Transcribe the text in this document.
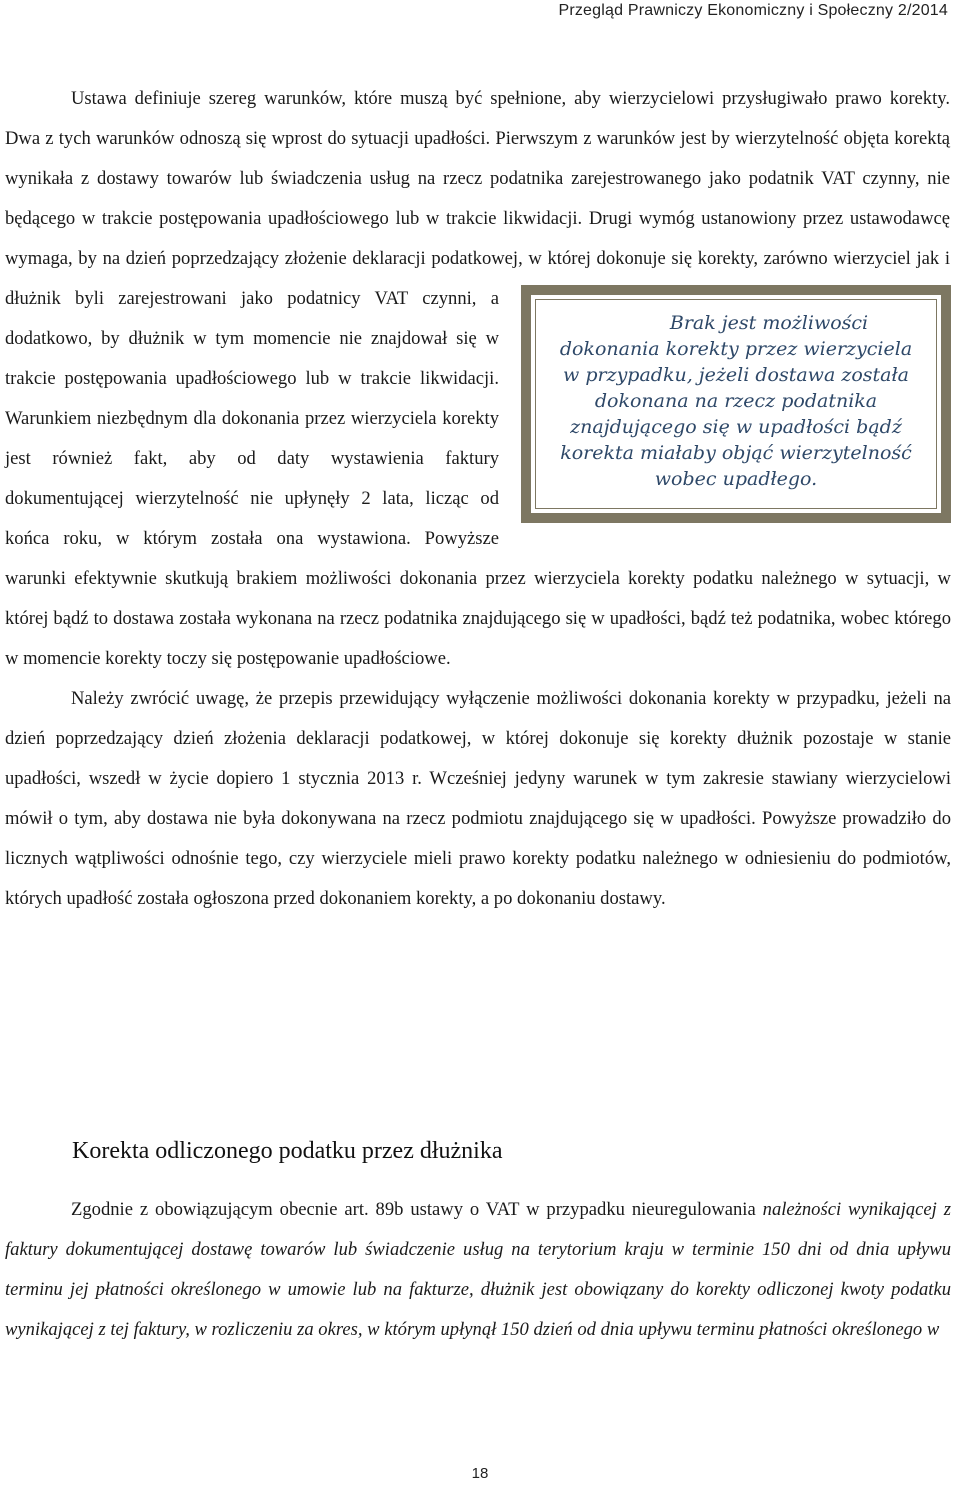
Przegląd Prawniczy Ekonomiczny i Społeczny 2/2014

Brak jest możliwości dokonania korekty przez wierzyciela w przypadku, jeżeli dostawa została dokonana na rzecz podatnika znajdującego się w upadłości bądź korekta miałaby objąć wierzytelność wobec upadłego.
Ustawa definiuje szereg warunków, które muszą być spełnione, aby wierzycielowi przysługiwało prawo korekty. Dwa z tych warunków odnoszą się wprost do sytuacji upadłości. Pierwszym z warunków jest by wierzytelność objęta korektą wynikała z dostawy towarów lub świadczenia usług na rzecz podatnika zarejestrowanego jako podatnik VAT czynny, nie będącego w trakcie postępowania upadłościowego lub w trakcie likwidacji. Drugi wymóg ustanowiony przez ustawodawcę wymaga, by na dzień poprzedzający złożenie deklaracji podatkowej, w której dokonuje się korekty, zarówno wierzyciel jak i dłużnik byli zarejestrowani jako podatnicy VAT czynni, a dodatkowo, by dłużnik w tym momencie nie znajdował się w trakcie postępowania upadłościowego lub w trakcie likwidacji. Warunkiem niezbędnym dla dokonania przez wierzyciela korekty jest również fakt, aby od daty wystawienia faktury dokumentującej wierzytelność nie upłynęły 2 lata, licząc od końca roku, w którym została ona wystawiona. Powyższe warunki efektywnie skutkują brakiem możliwości dokonania przez wierzyciela korekty podatku należnego w sytuacji, w której bądź to dostawa została wykonana na rzecz podatnika znajdującego się w upadłości, bądź też podatnika, wobec którego w momencie korekty toczy się postępowanie upadłościowe.

Należy zwrócić uwagę, że przepis przewidujący wyłączenie możliwości dokonania korekty w przypadku, jeżeli na dzień poprzedzający dzień złożenia deklaracji podatkowej, w której dokonuje się korekty dłużnik pozostaje w stanie upadłości, wszedł w życie dopiero 1 stycznia 2013 r. Wcześniej jedyny warunek w tym zakresie stawiany wierzycielowi mówił o tym, aby dostawa nie była dokonywana na rzecz podmiotu znajdującego się w upadłości. Powyższe prowadziło do licznych wątpliwości odnośnie tego, czy wierzyciele mieli prawo korekty podatku należnego w odniesieniu do podmiotów, których upadłość została ogłoszona przed dokonaniem korekty, a po dokonaniu dostawy.

Korekta odliczonego podatku przez dłużnika

Zgodnie z obowiązującym obecnie art. 89b ustawy o VAT w przypadku nieuregulowania należności wynikającej z faktury dokumentującej dostawę towarów lub świadczenie usług na terytorium kraju w terminie 150 dni od dnia upływu terminu jej płatności określonego w umowie lub na fakturze, dłużnik jest obowiązany do korekty odliczonej kwoty podatku wynikającej z tej faktury, w rozliczeniu za okres, w którym upłynął 150 dzień od dnia upływu terminu płatności określonego w

18
